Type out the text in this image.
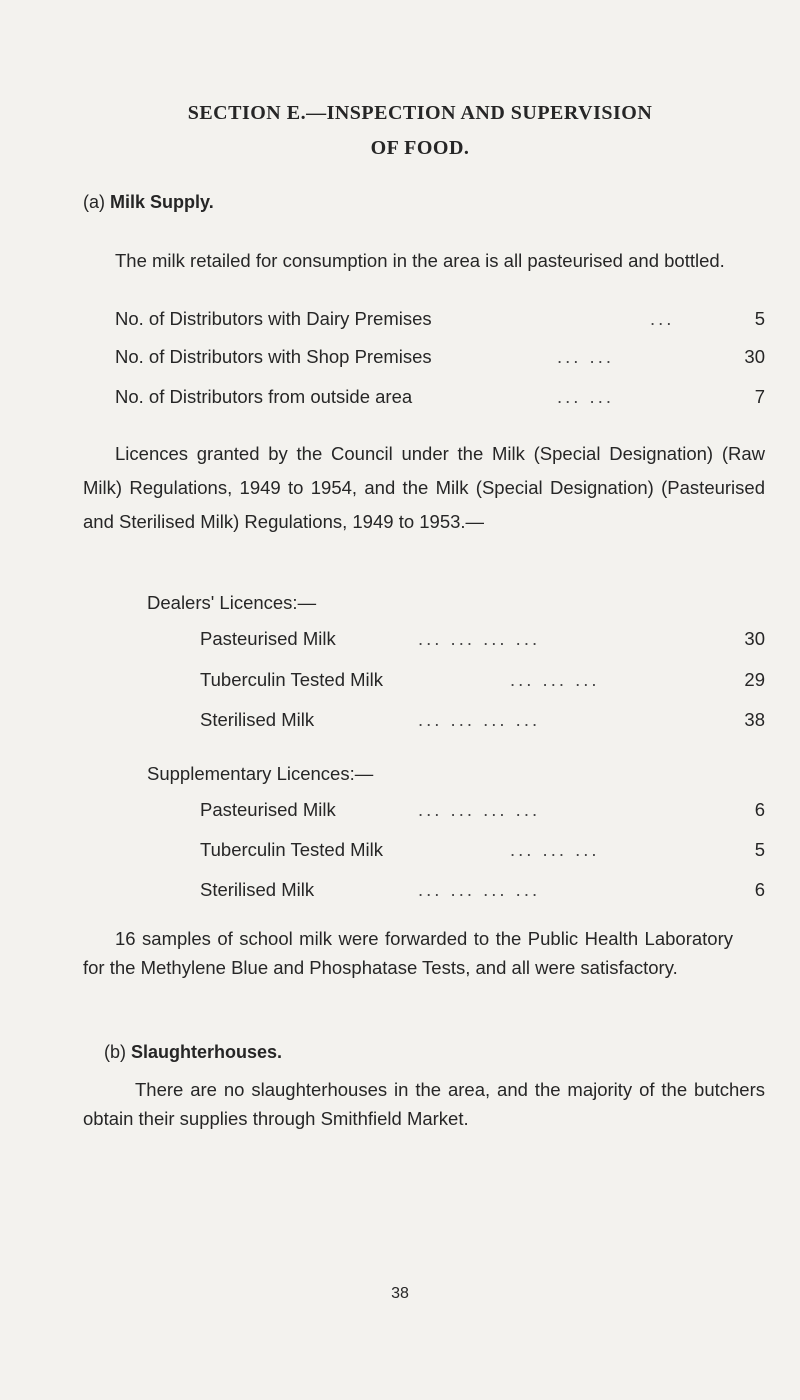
SECTION E.—INSPECTION AND SUPERVISION
OF FOOD.
(a) Milk Supply.
The milk retailed for consumption in the area is all pasteurised and bottled.
No. of Distributors with Dairy Premises	...	5
No. of Distributors with Shop Premises	... ...	30
No. of Distributors from outside area	... ...	7
Licences granted by the Council under the Milk (Special Designation) (Raw Milk) Regulations, 1949 to 1954, and the Milk (Special Designation) (Pasteurised and Sterilised Milk) Regulations, 1949 to 1953.—
Dealers' Licences:—
Pasteurised Milk	... ... ... ...	30
Tuberculin Tested Milk	... ... ...	29
Sterilised Milk	... ... ... ...	38
Supplementary Licences:—
Pasteurised Milk	... ... ... ...	6
Tuberculin Tested Milk	... ... ...	5
Sterilised Milk	... ... ... ...	6
16 samples of school milk were forwarded to the Public Health Laboratory for the Methylene Blue and Phosphatase Tests, and all were satisfactory.
(b) Slaughterhouses.
There are no slaughterhouses in the area, and the majority of the butchers obtain their supplies through Smithfield Market.
38
